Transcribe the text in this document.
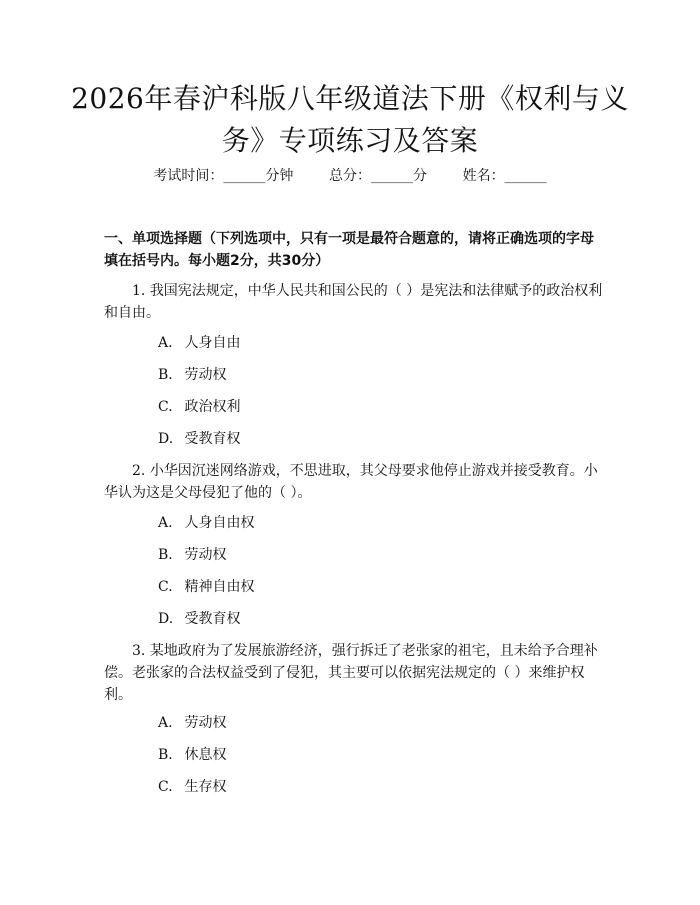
2026年春沪科版八年级道法下册《权利与义务》专项练习及答案
考试时间：______分钟	总分：______分	姓名：______

一、单项选择题（下列选项中，只有一项是最符合题意的，请将正确选项的字母填在括号内。每小题2分，共30分）

1. 我国宪法规定，中华人民共和国公民的（ ）是宪法和法律赋予的政治权利和自由。

A. 人身自由

B. 劳动权

C. 政治权利

D. 受教育权

2. 小华因沉迷网络游戏，不思进取，其父母要求他停止游戏并接受教育。小华认为这是父母侵犯了他的（ ）。

A. 人身自由权

B. 劳动权

C. 精神自由权

D. 受教育权

3. 某地政府为了发展旅游经济，强行拆迁了老张家的祖宅，且未给予合理补偿。老张家的合法权益受到了侵犯，其主要可以依据宪法规定的（ ）来维护权利。

A. 劳动权

B. 休息权

C. 生存权
